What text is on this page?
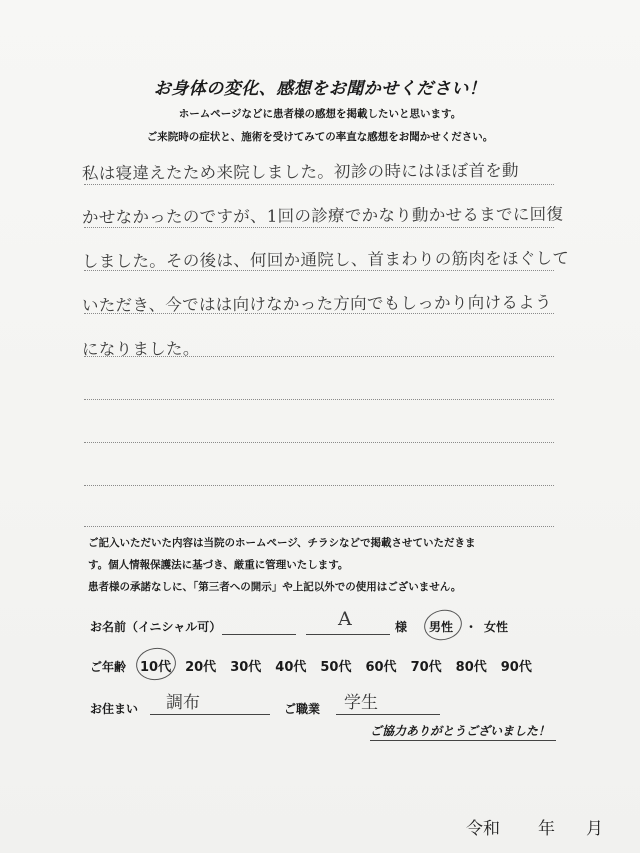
お身体の変化、感想をお聞かせください！
ホームページなどに患者様の感想を掲載したいと思います。
ご来院時の症状と、施術を受けてみての率直な感想をお聞かせください。
私は寝違えたため来院しました。初診の時にはほぼ首を動
かせなかったのですが、1回の診療でかなり動かせるまでに回復
しました。その後は、何回か通院し、首まわりの筋肉をほぐして
いただき、今ではは向けなかった方向でもしっかり向けるよう
になりました。
ご記入いただいた内容は当院のホームページ、チラシなどで掲載させていただきま
す。個人情報保護法に基づき、厳重に管理いたします。
患者様の承諾なしに、「第三者への開示」や上記以外での使用はございません。
お名前（イニシャル可）	A	様 男性 ・ 女性
ご年齢 10代 20代 30代 40代 50代 60代 70代 80代 90代
お住まい 調布	ご職業 学生
ご協力ありがとうございました！
令和 年 月
